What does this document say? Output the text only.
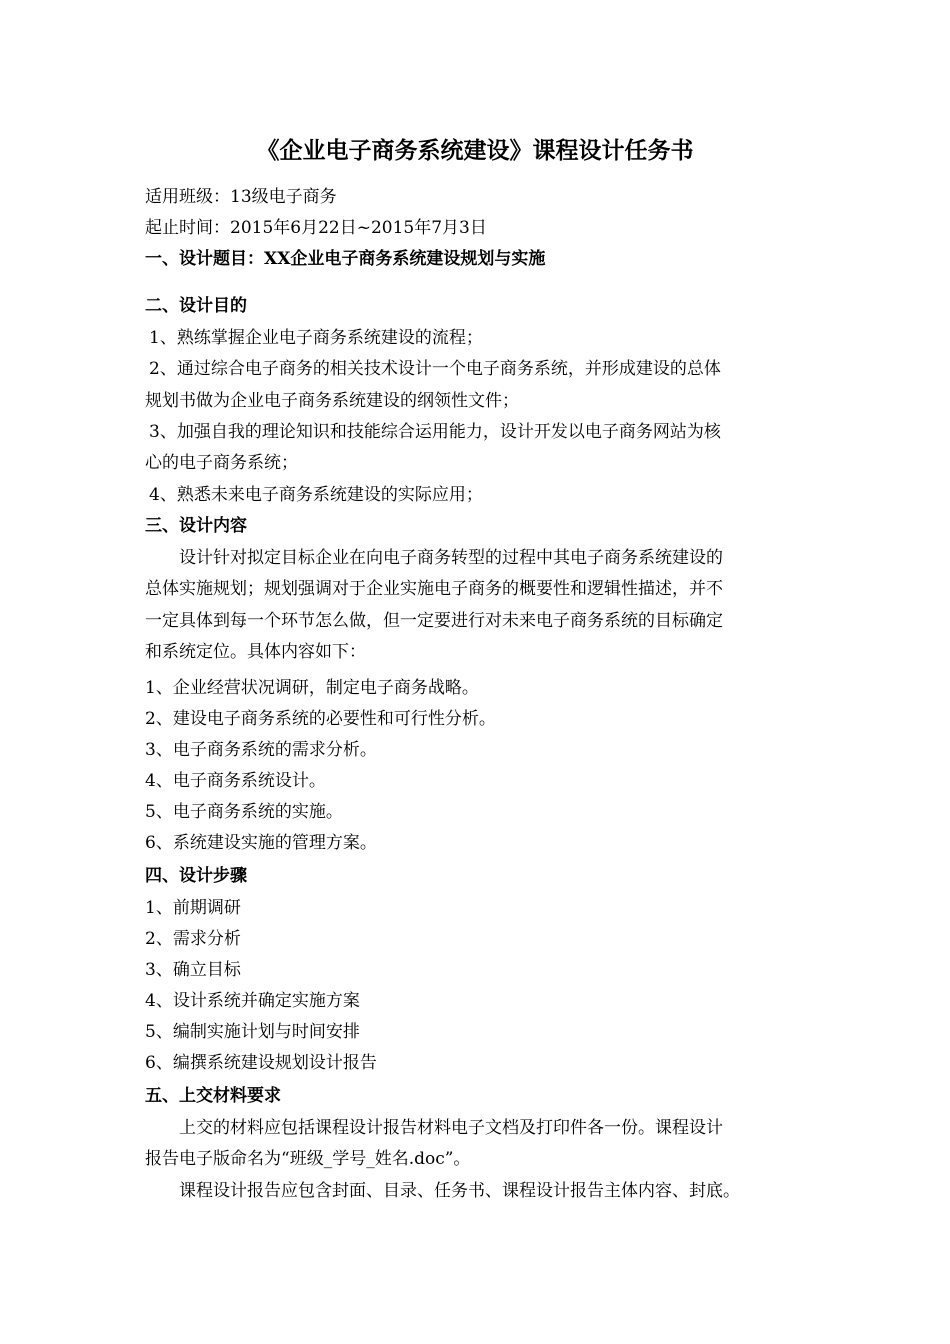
《企业电子商务系统建设》课程设计任务书
适用班级：13级电子商务
起止时间：2015年6月22日~2015年7月3日
一、设计题目：XX企业电子商务系统建设规划与实施
二、设计目的
1、熟练掌握企业电子商务系统建设的流程；
2、通过综合电子商务的相关技术设计一个电子商务系统，并形成建设的总体
规划书做为企业电子商务系统建设的纲领性文件；
3、加强自我的理论知识和技能综合运用能力，设计开发以电子商务网站为核
心的电子商务系统；
4、熟悉未来电子商务系统建设的实际应用；
三、设计内容
设计针对拟定目标企业在向电子商务转型的过程中其电子商务系统建设的
总体实施规划；规划强调对于企业实施电子商务的概要性和逻辑性描述，并不
一定具体到每一个环节怎么做，但一定要进行对未来电子商务系统的目标确定
和系统定位。具体内容如下：
1、企业经营状况调研，制定电子商务战略。
2、建设电子商务系统的必要性和可行性分析。
3、电子商务系统的需求分析。
4、电子商务系统设计。
5、电子商务系统的实施。
6、系统建设实施的管理方案。
四、设计步骤
1、前期调研
2、需求分析
3、确立目标
4、设计系统并确定实施方案
5、编制实施计划与时间安排
6、编撰系统建设规划设计报告
五、上交材料要求
上交的材料应包括课程设计报告材料电子文档及打印件各一份。课程设计
报告电子版命名为“班级_学号_姓名.doc”。
课程设计报告应包含封面、目录、任务书、课程设计报告主体内容、封底。
